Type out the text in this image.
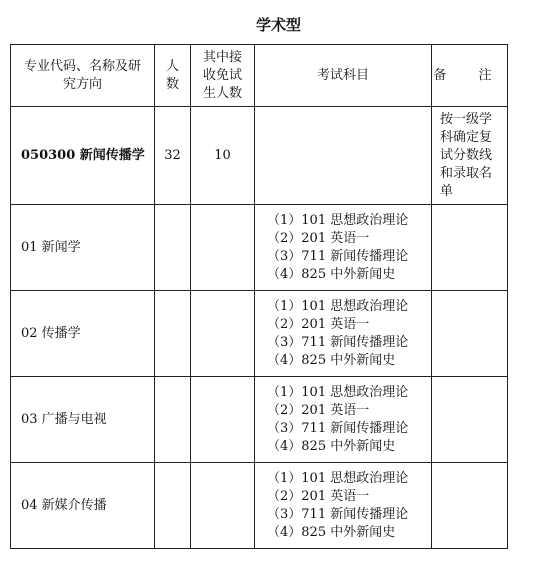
学术型
专业代码、名称及研究方向	人数	其中接收免试生人数	考试科目	备 注
050300 新闻传播学	32	10		按一级学科确定复试分数线和录取名单
01 新闻学			（1）101 思想政治理论
（2）201 英语一
（3）711 新闻传播理论
（4）825 中外新闻史	

02 传播学			（1）101 思想政治理论
（2）201 英语一
（3）711 新闻传播理论
（4）825 中外新闻史	

03 广播与电视			（1）101 思想政治理论
（2）201 英语一
（3）711 新闻传播理论
（4）825 中外新闻史	

04 新媒介传播			（1）101 思想政治理论
（2）201 英语一
（3）711 新闻传播理论
（4）825 中外新闻史	
